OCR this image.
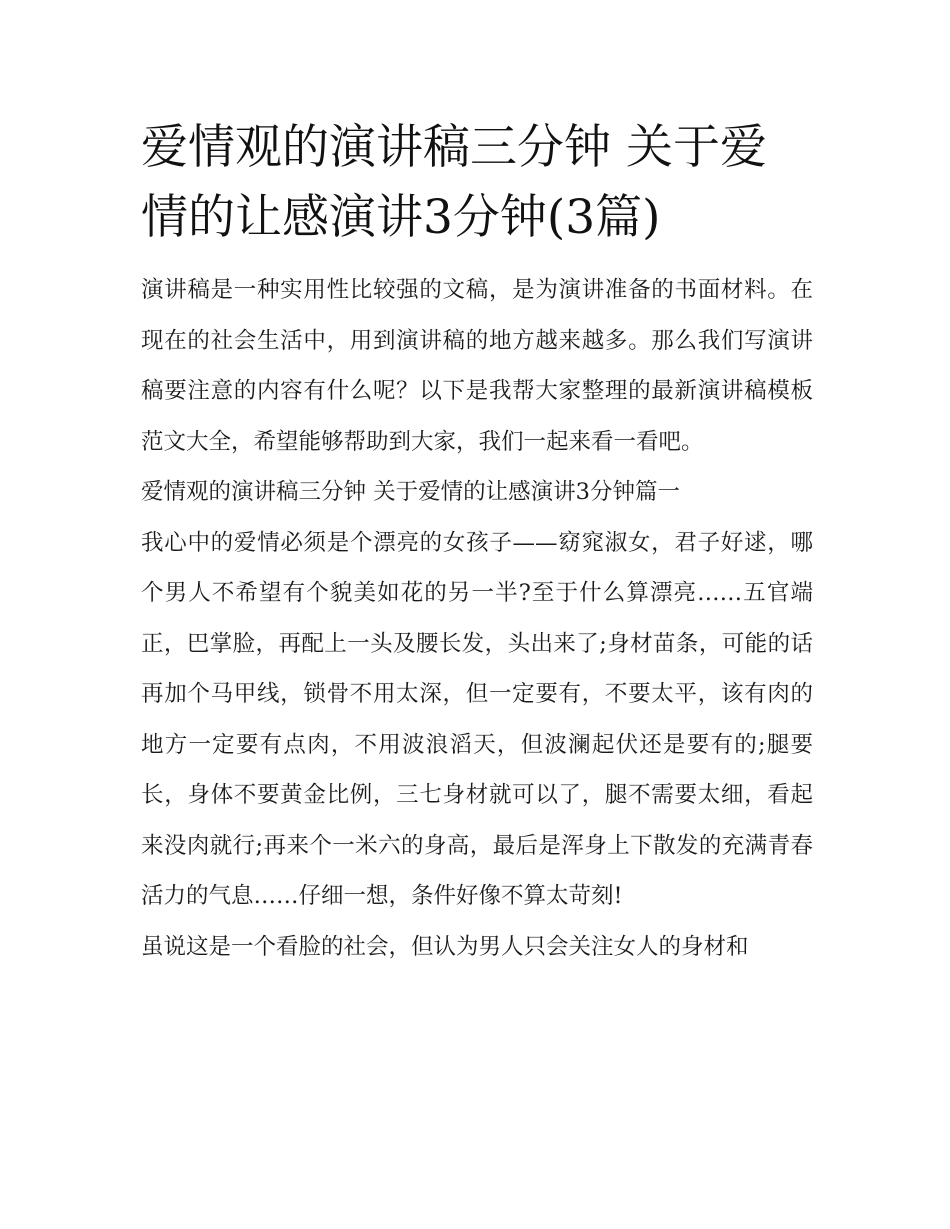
爱情观的演讲稿三分钟 关于爱情的让感演讲3分钟(3篇)

演讲稿是一种实用性比较强的文稿，是为演讲准备的书面材料。在现在的社会生活中，用到演讲稿的地方越来越多。那么我们写演讲稿要注意的内容有什么呢？以下是我帮大家整理的最新演讲稿模板范文大全，希望能够帮助到大家，我们一起来看一看吧。

爱情观的演讲稿三分钟 关于爱情的让感演讲3分钟篇一

我心中的爱情必须是个漂亮的女孩子——窈窕淑女，君子好逑，哪个男人不希望有个貌美如花的另一半?至于什么算漂亮……五官端正，巴掌脸，再配上一头及腰长发，头出来了;身材苗条，可能的话再加个马甲线，锁骨不用太深，但一定要有，不要太平，该有肉的地方一定要有点肉，不用波浪滔天，但波澜起伏还是要有的;腿要长，身体不要黄金比例，三七身材就可以了，腿不需要太细，看起来没肉就行;再来个一米六的身高，最后是浑身上下散发的充满青春活力的气息……仔细一想，条件好像不算太苛刻!

虽说这是一个看脸的社会，但认为男人只会关注女人的身材和
